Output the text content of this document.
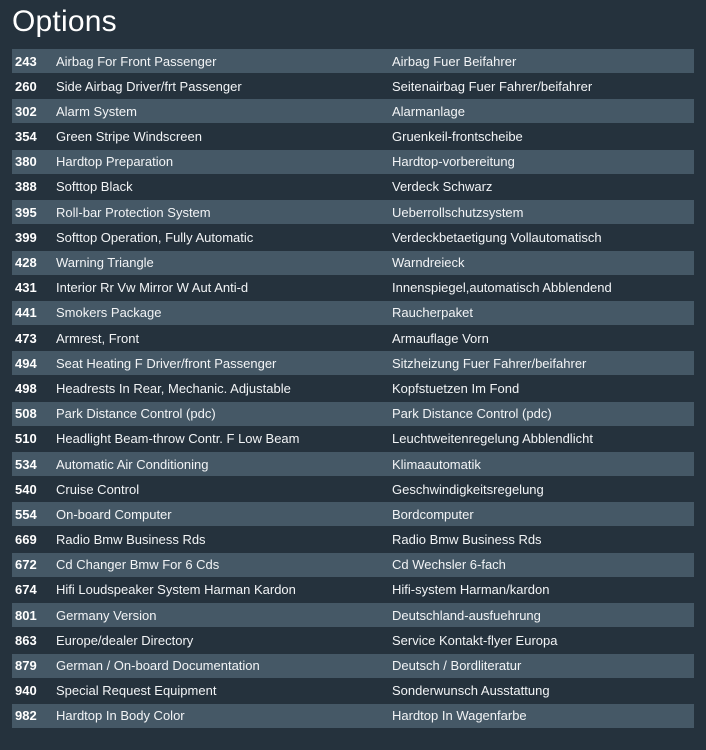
Options
243	Airbag For Front Passenger	Airbag Fuer Beifahrer
260	Side Airbag Driver/frt Passenger	Seitenairbag Fuer Fahrer/beifahrer
302	Alarm System	Alarmanlage
354	Green Stripe Windscreen	Gruenkeil-frontscheibe
380	Hardtop Preparation	Hardtop-vorbereitung
388	Softtop Black	Verdeck Schwarz
395	Roll-bar Protection System	Ueberrollschutzsystem
399	Softtop Operation, Fully Automatic	Verdeckbetaetigung Vollautomatisch
428	Warning Triangle	Warndreieck
431	Interior Rr Vw Mirror W Aut Anti-d	Innenspiegel,automatisch Abblendend
441	Smokers Package	Raucherpaket
473	Armrest, Front	Armauflage Vorn
494	Seat Heating F Driver/front Passenger	Sitzheizung Fuer Fahrer/beifahrer
498	Headrests In Rear, Mechanic. Adjustable	Kopfstuetzen Im Fond
508	Park Distance Control (pdc)	Park Distance Control (pdc)
510	Headlight Beam-throw Contr. F Low Beam	Leuchtweitenregelung Abblendlicht
534	Automatic Air Conditioning	Klimaautomatik
540	Cruise Control	Geschwindigkeitsregelung
554	On-board Computer	Bordcomputer
669	Radio Bmw Business Rds	Radio Bmw Business Rds
672	Cd Changer Bmw For 6 Cds	Cd Wechsler 6-fach
674	Hifi Loudspeaker System Harman Kardon	Hifi-system Harman/kardon
801	Germany Version	Deutschland-ausfuehrung
863	Europe/dealer Directory	Service Kontakt-flyer Europa
879	German / On-board Documentation	Deutsch / Bordliteratur
940	Special Request Equipment	Sonderwunsch Ausstattung
982	Hardtop In Body Color	Hardtop In Wagenfarbe
